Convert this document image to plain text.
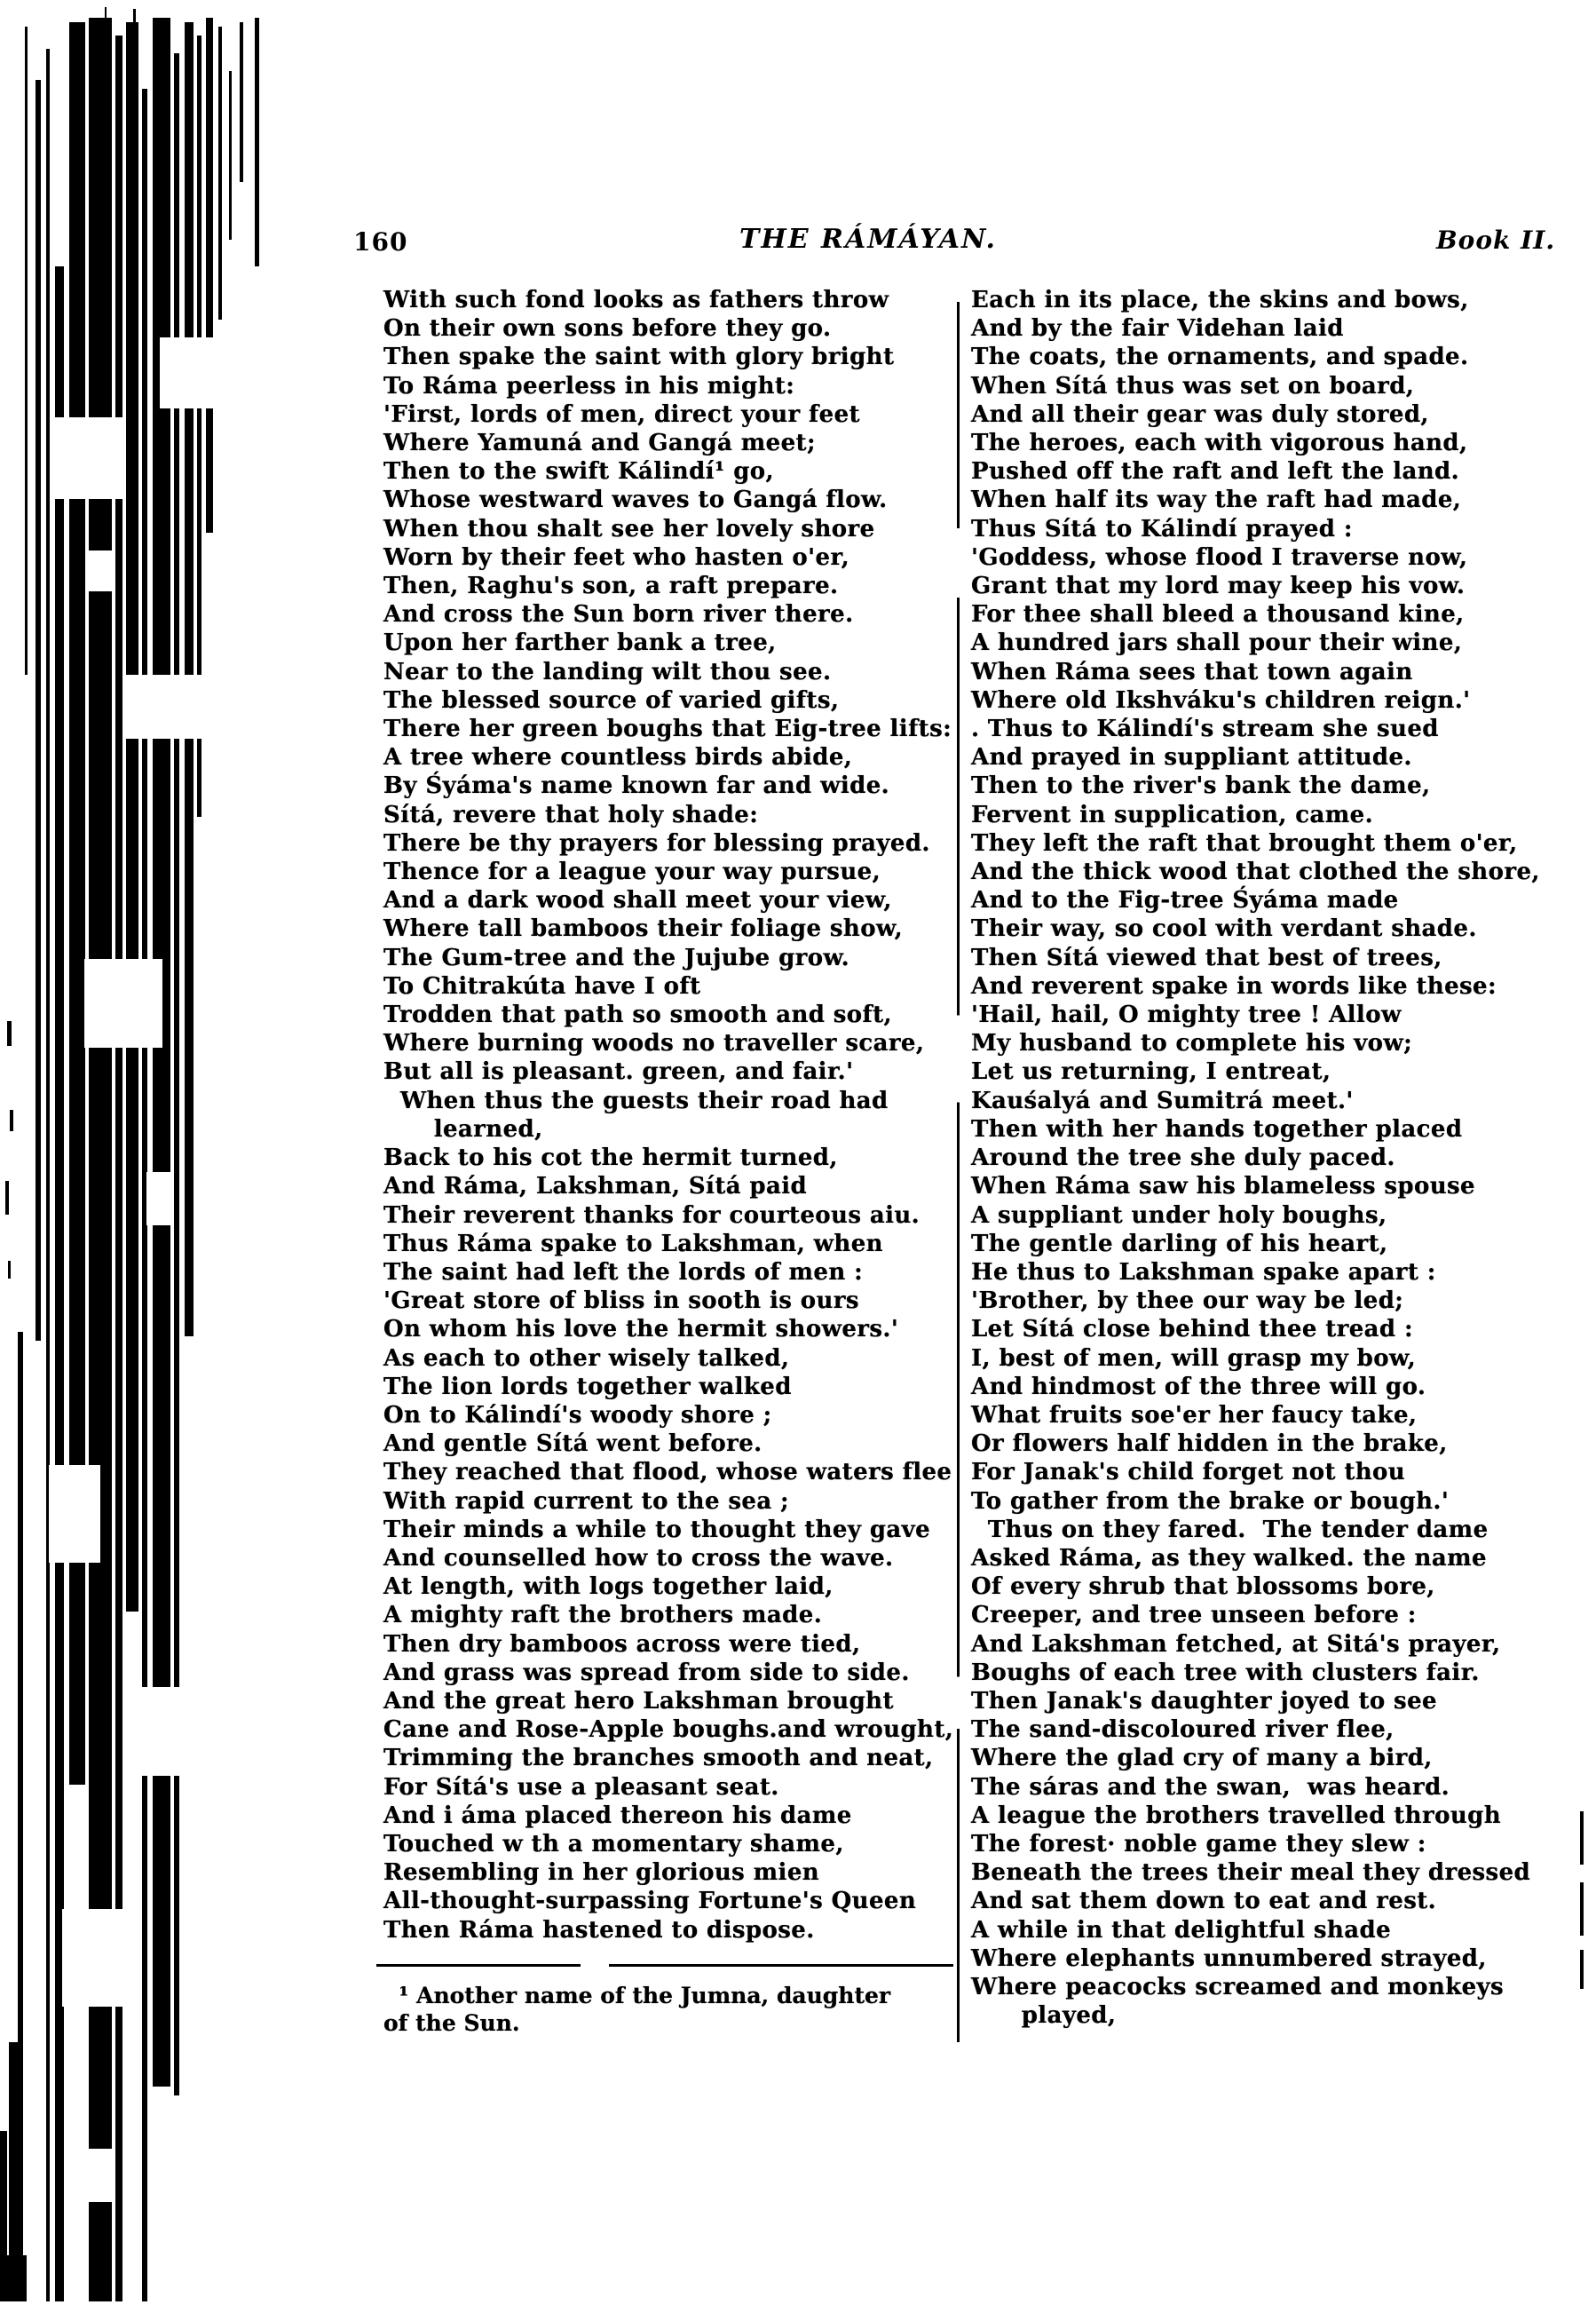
160	THE RÁMÁYAN.	Book II.
With such fond looks as fathers throw
On their own sons before they go.
Then spake the saint with glory bright
To Ráma peerless in his might:
'First, lords of men, direct your feet
Where Yamuná and Gangá meet;
Then to the swift Kálindí¹ go,
Whose westward waves to Gangá flow.
When thou shalt see her lovely shore
Worn by their feet who hasten o'er,
Then, Raghu's son, a raft prepare.
And cross the Sun born river there.
Upon her farther bank a tree,
Near to the landing wilt thou see.
The blessed source of varied gifts,
There her green boughs that Eig-tree lifts:
A tree where countless birds abide,
By Śyáma's name known far and wide.
Sítá, revere that holy shade:
There be thy prayers for blessing prayed.
Thence for a league your way pursue,
And a dark wood shall meet your view,
Where tall bamboos their foliage show,
The Gum-tree and the Jujube grow.
To Chitrakúta have I oft
Trodden that path so smooth and soft,
Where burning woods no traveller scare,
But all is pleasant. green, and fair.'
When thus the guests their road had
learned,
Back to his cot the hermit turned,
And Ráma, Lakshman, Sítá paid
Their reverent thanks for courteous aiu.
Thus Ráma spake to Lakshman, when
The saint had left the lords of men :
'Great store of bliss in sooth is ours
On whom his love the hermit showers.'
As each to other wisely talked,
The lion lords together walked
On to Kálindí's woody shore ;
And gentle Sítá went before.
They reached that flood, whose waters flee
With rapid current to the sea ;
Their minds a while to thought they gave
And counselled how to cross the wave.
At length, with logs together laid,
A mighty raft the brothers made.
Then dry bamboos across were tied,
And grass was spread from side to side.
And the great hero Lakshman brought
Cane and Rose-Apple boughs.and wrought,
Trimming the branches smooth and neat,
For Sítá's use a pleasant seat.
And i áma placed thereon his dame
Touched w th a momentary shame,
Resembling in her glorious mien
All-thought-surpassing Fortune's Queen
Then Ráma hastened to dispose.
Each in its place, the skins and bows,
And by the fair Videhan laid
The coats, the ornaments, and spade.
When Sítá thus was set on board,
And all their gear was duly stored,
The heroes, each with vigorous hand,
Pushed off the raft and left the land.
When half its way the raft had made,
Thus Sítá to Kálindí prayed :
'Goddess, whose flood I traverse now,
Grant that my lord may keep his vow.
For thee shall bleed a thousand kine,
A hundred jars shall pour their wine,
When Ráma sees that town again
Where old Ikshváku's children reign.'
. Thus to Kálindí's stream she sued
And prayed in suppliant attitude.
Then to the river's bank the dame,
Fervent in supplication, came.
They left the raft that brought them o'er,
And the thick wood that clothed the shore,
And to the Fig-tree Śyáma made
Their way, so cool with verdant shade.
Then Sítá viewed that best of trees,
And reverent spake in words like these:
'Hail, hail, O mighty tree ! Allow
My husband to complete his vow;
Let us returning, I entreat,
Kauśalyá and Sumitrá meet.'
Then with her hands together placed
Around the tree she duly paced.
When Ráma saw his blameless spouse
A suppliant under holy boughs,
The gentle darling of his heart,
He thus to Lakshman spake apart :
'Brother, by thee our way be led;
Let Sítá close behind thee tread :
I, best of men, will grasp my bow,
And hindmost of the three will go.
What fruits soe'er her faucy take,
Or flowers half hidden in the brake,
For Janak's child forget not thou
To gather from the brake or bough.'
Thus on they fared.  The tender dame
Asked Ráma, as they walked. the name
Of every shrub that blossoms bore,
Creeper, and tree unseen before :
And Lakshman fetched, at Sitá's prayer,
Boughs of each tree with clusters fair.
Then Janak's daughter joyed to see
The sand-discoloured river flee,
Where the glad cry of many a bird,
The sáras and the swan,  was heard.
A league the brothers travelled through
The forest· noble game they slew :
Beneath the trees their meal they dressed
And sat them down to eat and rest.
A while in that delightful shade
Where elephants unnumbered strayed,
Where peacocks screamed and monkeys
played,
¹ Another name of the Jumna, daughter
of the Sun.
